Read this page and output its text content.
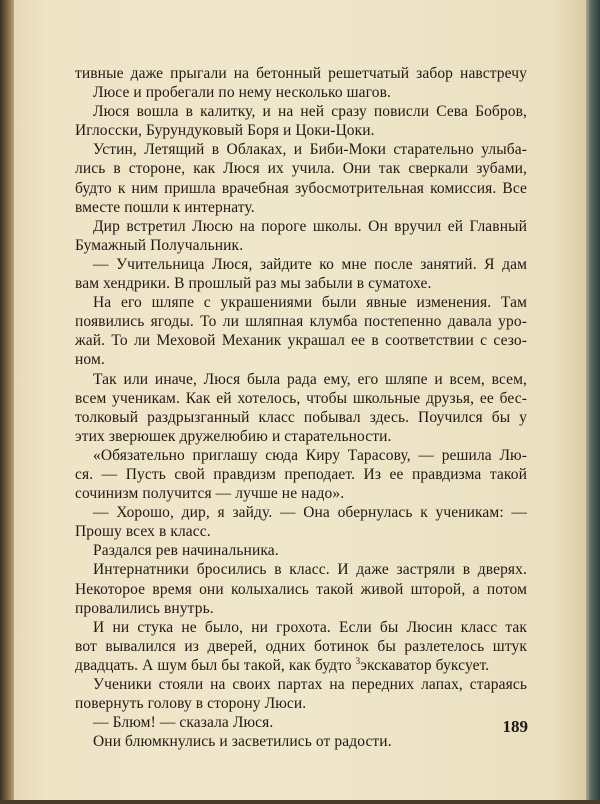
тивные даже прыгали на бетонный решетчатый забор навстречу
Люсе и пробегали по нему несколько шагов.
Люся вошла в калитку, и на ней сразу повисли Сева Бобров,
Иглосски, Бурундуковый Боря и Цоки-Цоки.
Устин, Летящий в Облаках, и Биби-Моки старательно улыба-
лись в стороне, как Люся их учила. Они так сверкали зубами,
будто к ним пришла врачебная зубосмотрительная комиссия. Все
вместе пошли к интернату.
Дир встретил Люсю на пороге школы. Он вручил ей Главный
Бумажный Получальник.
— Учительница Люся, зайдите ко мне после занятий. Я дам
вам хендрики. В прошлый раз мы забыли в суматохе.
На его шляпе с украшениями были явные изменения. Там
появились ягоды. То ли шляпная клумба постепенно давала уро-
жай. То ли Меховой Механик украшал ее в соответствии с сезо-
ном.
Так или иначе, Люся была рада ему, его шляпе и всем, всем,
всем ученикам. Как ей хотелось, чтобы школьные друзья, ее бес-
толковый раздрызганный класс побывал здесь. Поучился бы у
этих зверюшек дружелюбию и старательности.
«Обязательно приглашу сюда Киру Тарасову, — решила Лю-
ся. — Пусть свой правдизм преподает. Из ее правдизма такой
сочинизм получится — лучше не надо».
— Хорошо, дир, я зайду. — Она обернулась к ученикам: —
Прошу всех в класс.
Раздался рев начинальника.
Интернатники бросились в класс. И даже застряли в дверях.
Некоторое время они колыхались такой живой шторой, а потом
провалились внутрь.
И ни стука не было, ни грохота. Если бы Люсин класс так
вот вывалился из дверей, одних ботинок бы разлетелось штук
двадцать. А шум был бы такой, как будто $^3$экскаватор буксует.
Ученики стояли на своих партах на передних лапах, стараясь
повернуть голову в сторону Люси.
— Блюм! — сказала Люся.
Они блюмкнулись и засветились от радости.
189
